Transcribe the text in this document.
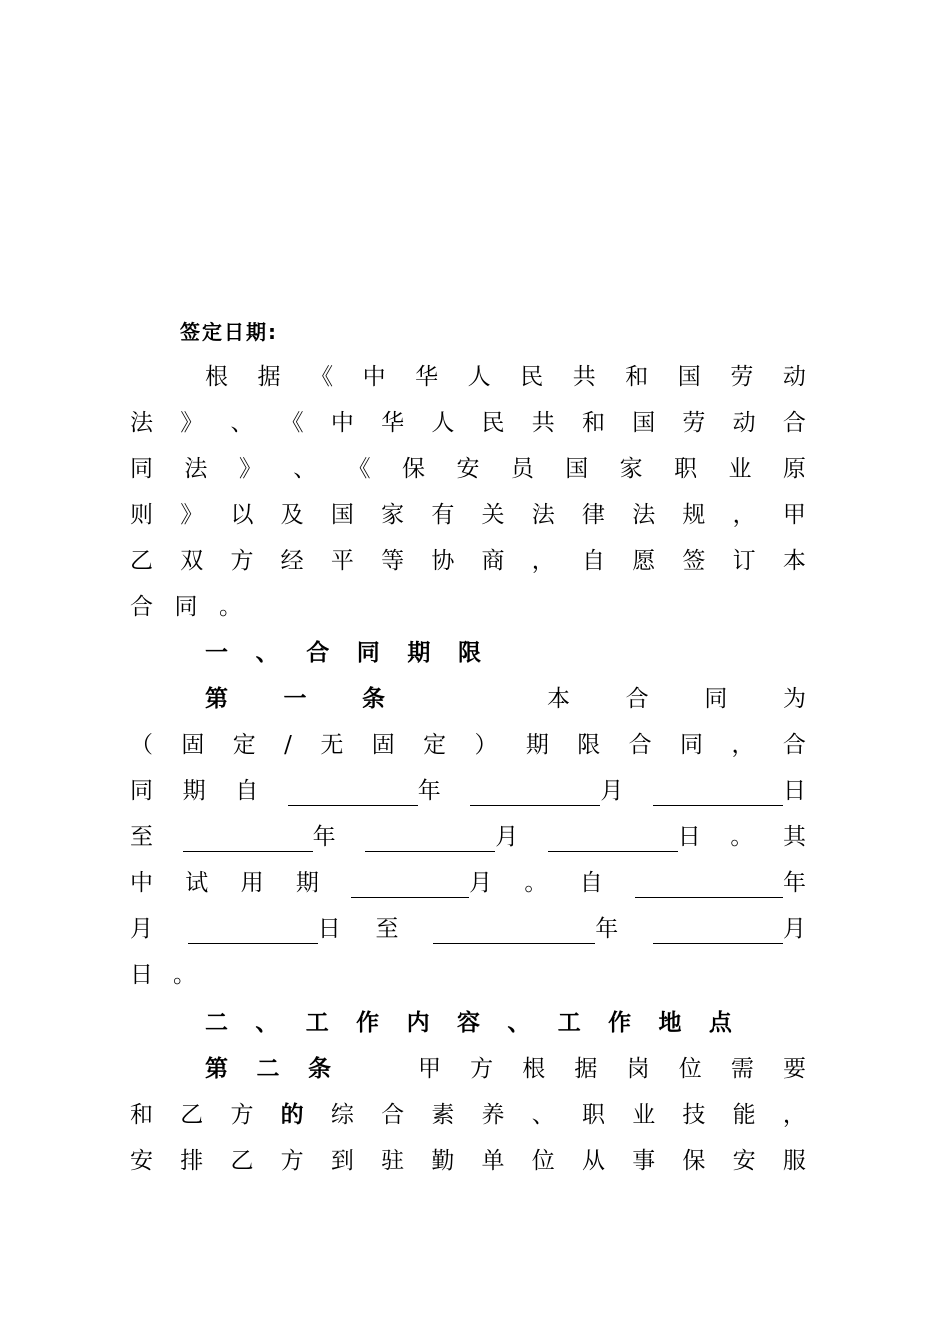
签定日期:
根 据 《 中 华 人 民 共 和 国 劳 动
法 》 、 《 中 华 人 民 共 和 国 劳 动 合
同 法 》 、 《 保 安 员 国 家 职 业 原
则 》 以 及 国 家 有 关 法 律 法 规 ， 甲
乙 双 方 经 平 等 协 商 ， 自 愿 签 订 本
合 同 。
一 、 合 同 期 限
第 一 条	本 合 同 为
（ 固 定 / 无 固 定 ） 期 限 合 同 ， 合
同 期 自	年	月	日
至	年	月	日 。 其
中 试 用 期	月 。 自	年
月	日 至	年	月
日 。
二 、 工 作 内 容 、 工 作 地 点
第 二 条	甲 方 根 据 岗 位 需 要
和 乙 方 的 综 合 素 养 、 职 业 技 能 ，
安 排 乙 方 到 驻 勤 单 位 从 事 保 安 服
